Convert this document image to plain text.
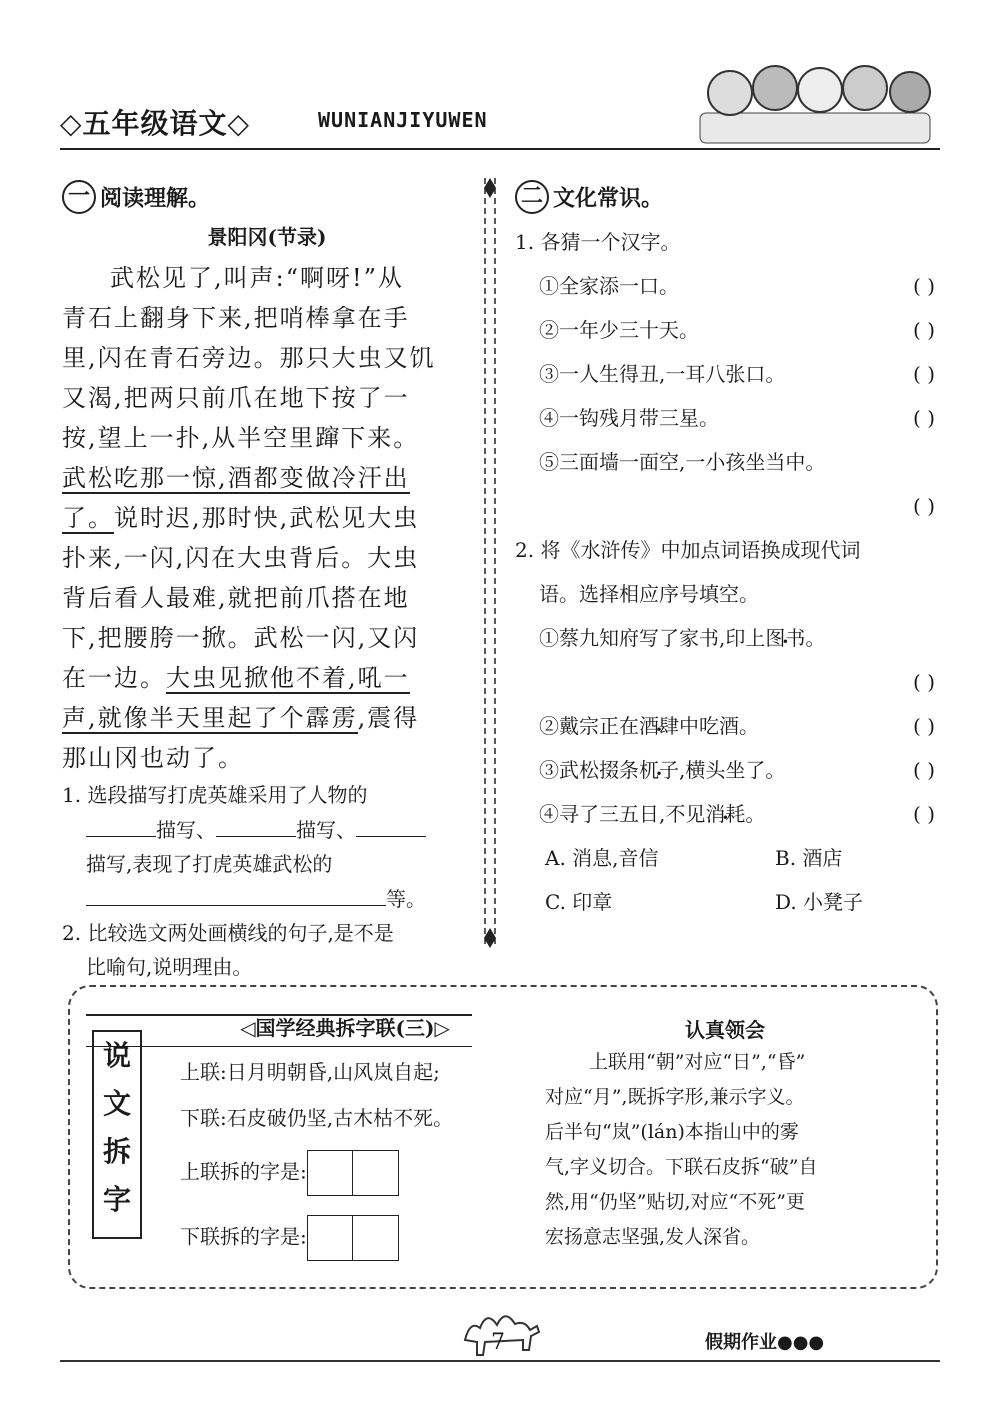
◇五年级语文◇	WUNIANJIYUWEN
一 阅读理解。
景阳冈(节录)
武松见了,叫声:“啊呀!”从
青石上翻身下来,把哨棒拿在手
里,闪在青石旁边。那只大虫又饥
又渴,把两只前爪在地下按了一
按,望上一扑,从半空里蹿下来。
武松吃那一惊,酒都变做冷汗出
了。说时迟,那时快,武松见大虫
扑来,一闪,闪在大虫背后。大虫
背后看人最难,就把前爪搭在地
下,把腰胯一掀。武松一闪,又闪
在一边。大虫见掀他不着,吼一
声,就像半天里起了个霹雳,震得
那山冈也动了。
1. 选段描写打虎英雄采用了人物的
描写、	描写、
描写,表现了打虎英雄武松的
等。
2. 比较选文两处画横线的句子,是不是
比喻句,说明理由。
二 文化常识。
1. 各猜一个汉字。
①全家添一口。	( )
②一年少三十天。	( )
③一人生得丑,一耳八张口。	( )
④一钩残月带三星。	( )
⑤三面墙一面空,一小孩坐当中。
( )

2. 将《水浒传》中加点词语换成现代词
语。选择相应序号填空。
①蔡九知府写了家书,印上图书 •。
( )

②戴宗正在酒肆 •中吃酒。	( )
③武松掇条杌子 •,横头坐了。	( )
④寻了三五日,不见消耗 •。	( )
A. 消息,音信	B. 酒店
C. 印章	D. 小凳子
说
文
拆
字
◁国学经典拆字联(三)▷
上联:日月明朝昏,山风岚自起;
下联:石皮破仍坚,古木枯不死。
上联拆的字是:
下联拆的字是:
认真领会
上联用“朝”对应“日”,“昏”
对应“月”,既拆字形,兼示字义。
后半句“岚”(lán)本指山中的雾
气,字义切合。下联石皮拆“破”自
然,用“仍坚”贴切,对应“不死”更
宏扬意志坚强,发人深省。
7	假期作业●●●
